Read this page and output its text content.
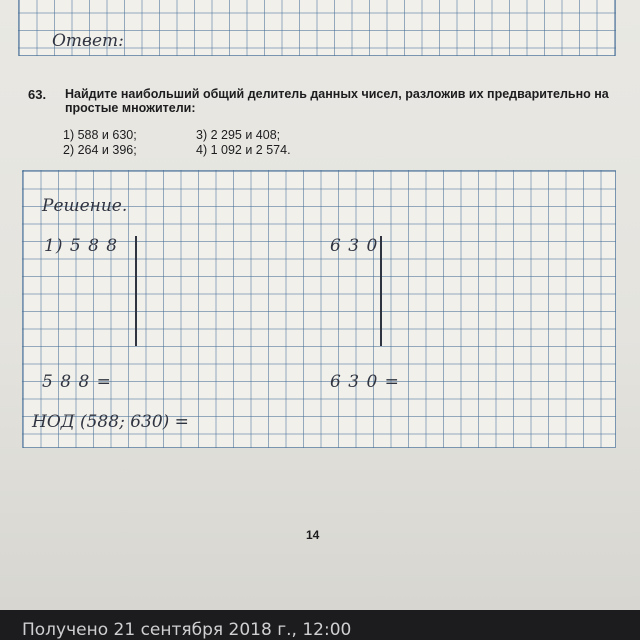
Ответ:
63. Найдите наибольший общий делитель данных чисел, разложив их предварительно на простые множители:
1) 588 и 630;
2) 264 и 396;
3) 2 295 и 408;
4) 1 092 и 2 574.
Решение.
1) 5 8 8	6 3 0
5 8 8 =	6 3 0 =
НОД (588; 630) =
14
Получено 21 сентября 2018 г., 12:00
